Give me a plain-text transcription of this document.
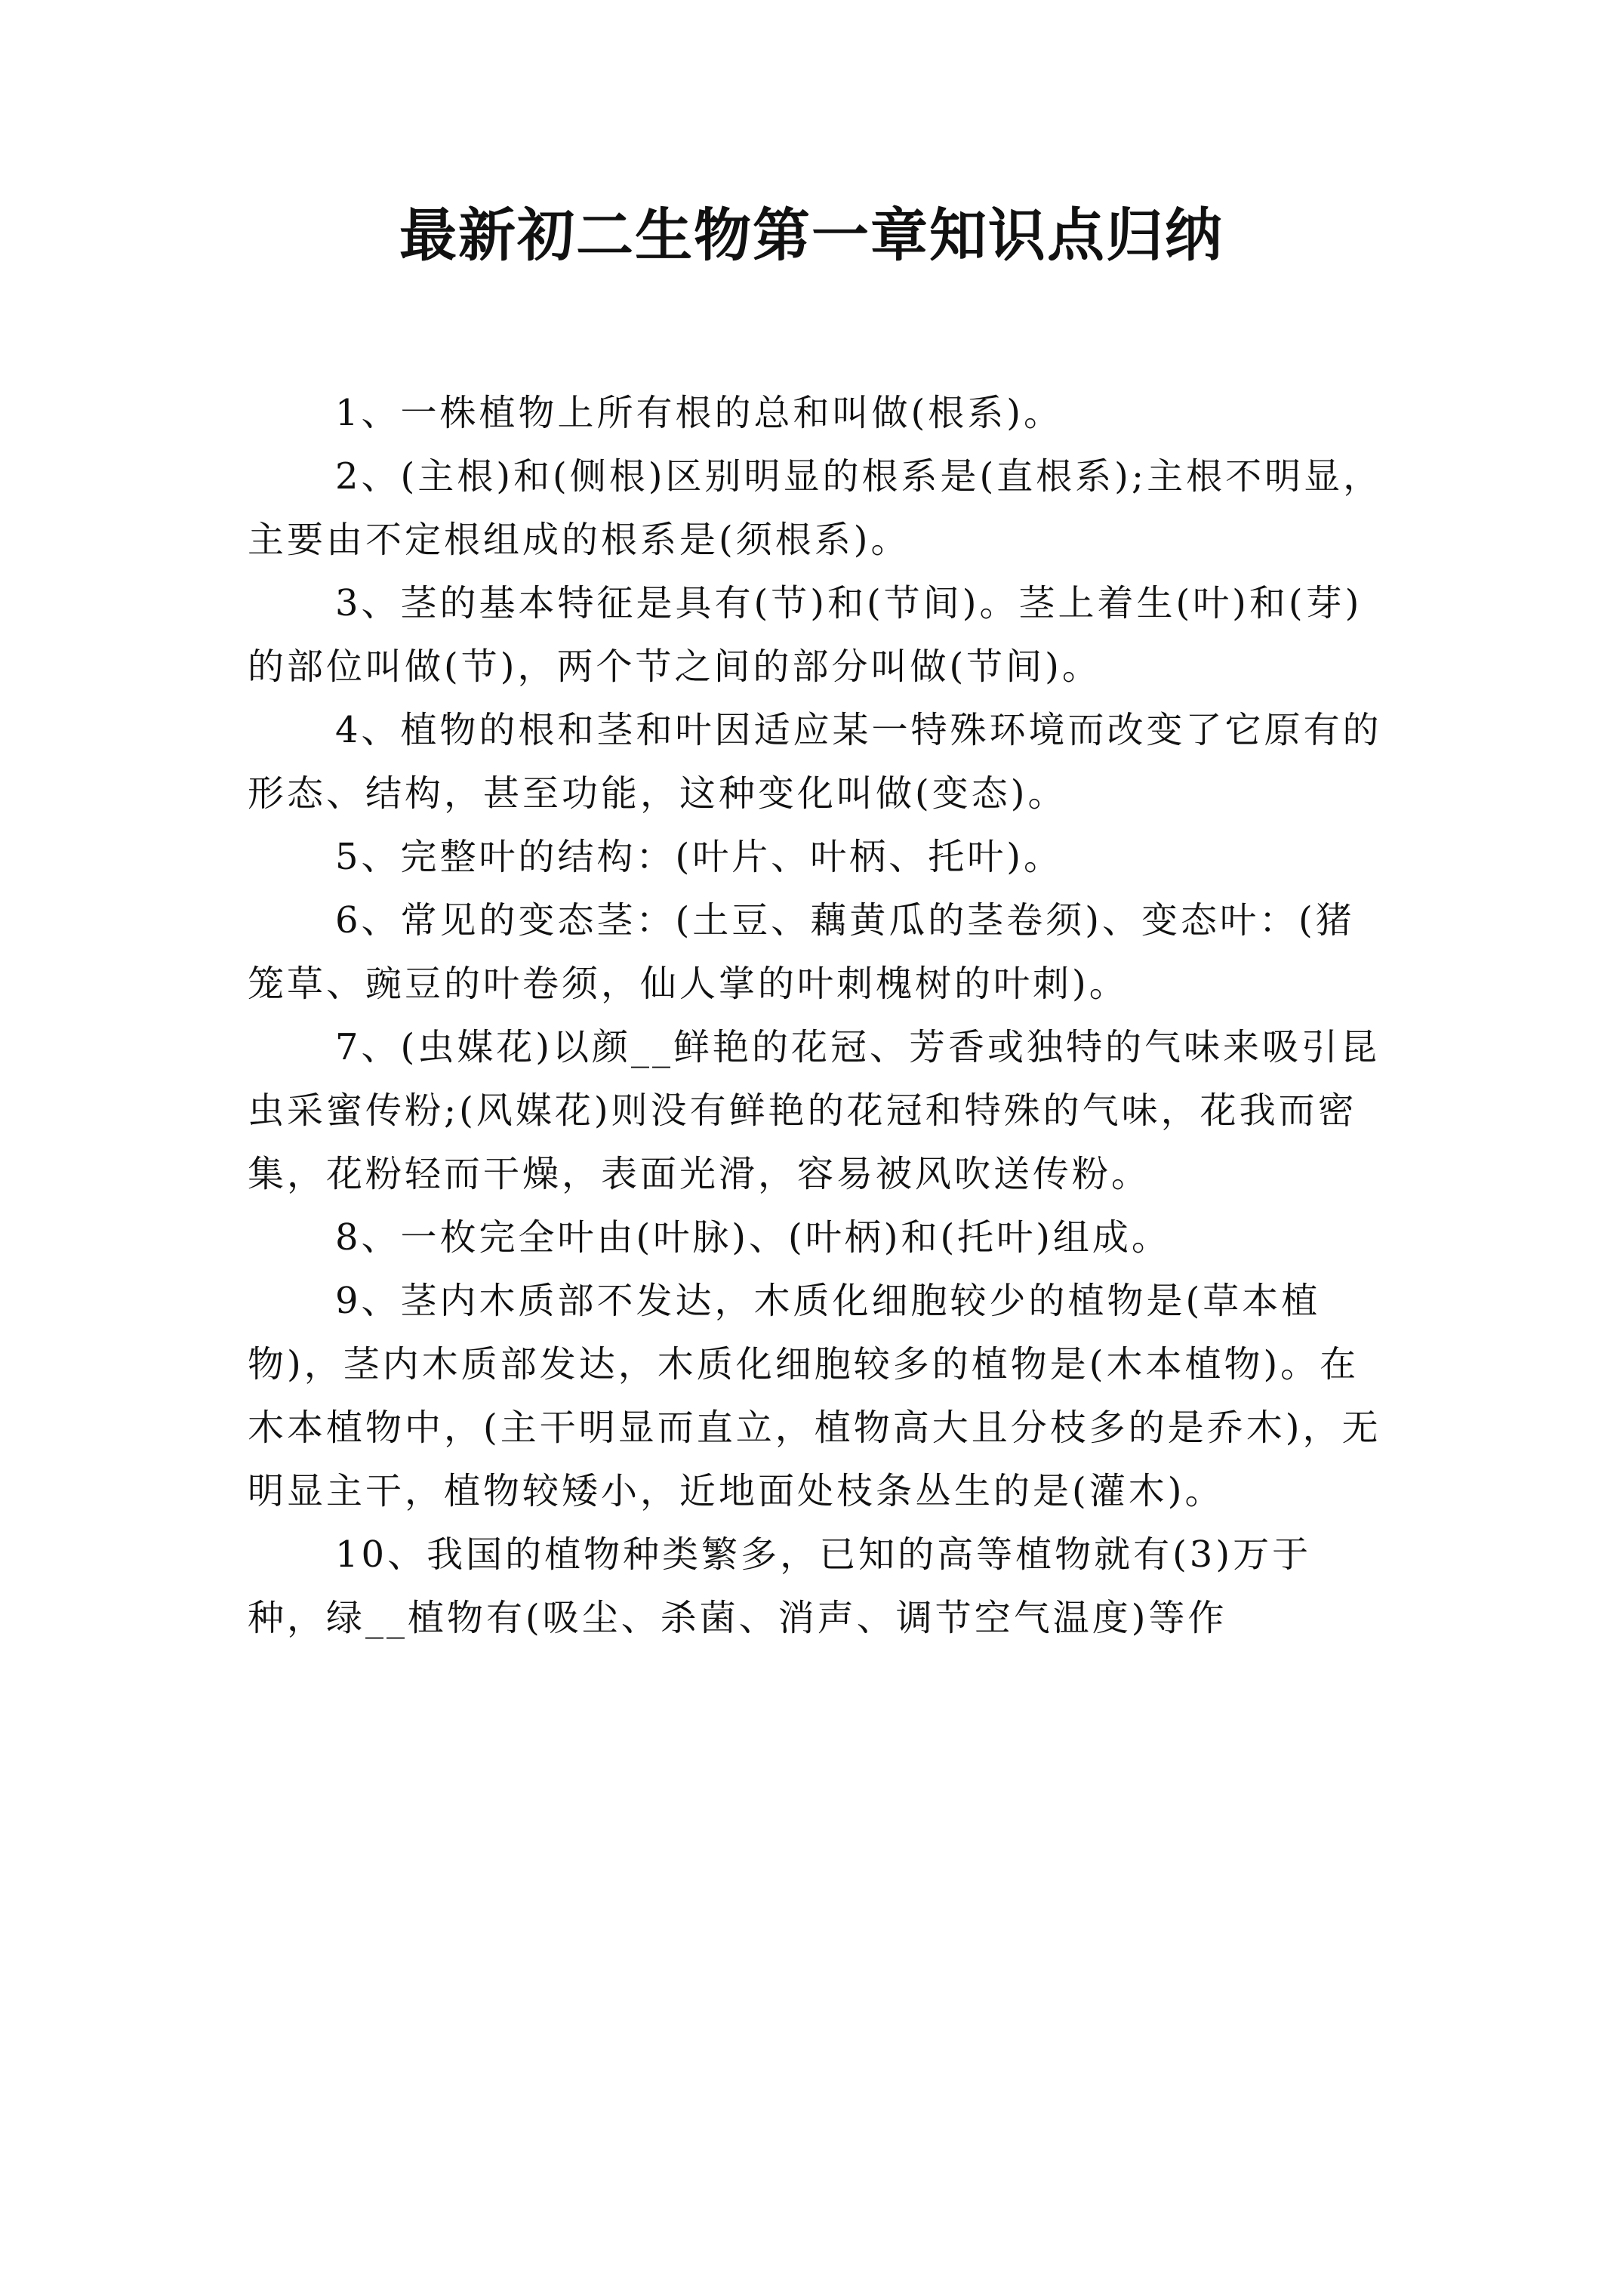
最新初二生物第一章知识点归纳

1、一株植物上所有根的总和叫做(根系)。

2、(主根)和(侧根)区别明显的根系是(直根系);主根不明显，主要由不定根组成的根系是(须根系)。

3、茎的基本特征是具有(节)和(节间)。茎上着生(叶)和(芽)的部位叫做(节)，两个节之间的部分叫做(节间)。

4、植物的根和茎和叶因适应某一特殊环境而改变了它原有的形态、结构，甚至功能，这种变化叫做(变态)。

5、完整叶的结构：(叶片、叶柄、托叶)。

6、常见的变态茎：(土豆、藕黄瓜的茎卷须)、变态叶：(猪笼草、豌豆的叶卷须，仙人掌的叶刺槐树的叶刺)。

7、(虫媒花)以颜__鲜艳的花冠、芳香或独特的气味来吸引昆虫采蜜传粉;(风媒花)则没有鲜艳的花冠和特殊的气味，花我而密集，花粉轻而干燥，表面光滑，容易被风吹送传粉。

8、一枚完全叶由(叶脉)、(叶柄)和(托叶)组成。

9、茎内木质部不发达，木质化细胞较少的植物是(草本植物)，茎内木质部发达，木质化细胞较多的植物是(木本植物)。在木本植物中，(主干明显而直立，植物高大且分枝多的是乔木)，无明显主干，植物较矮小，近地面处枝条丛生的是(灌木)。

10、我国的植物种类繁多，已知的高等植物就有(3)万于种，绿__植物有(吸尘、杀菌、消声、调节空气温度)等作
